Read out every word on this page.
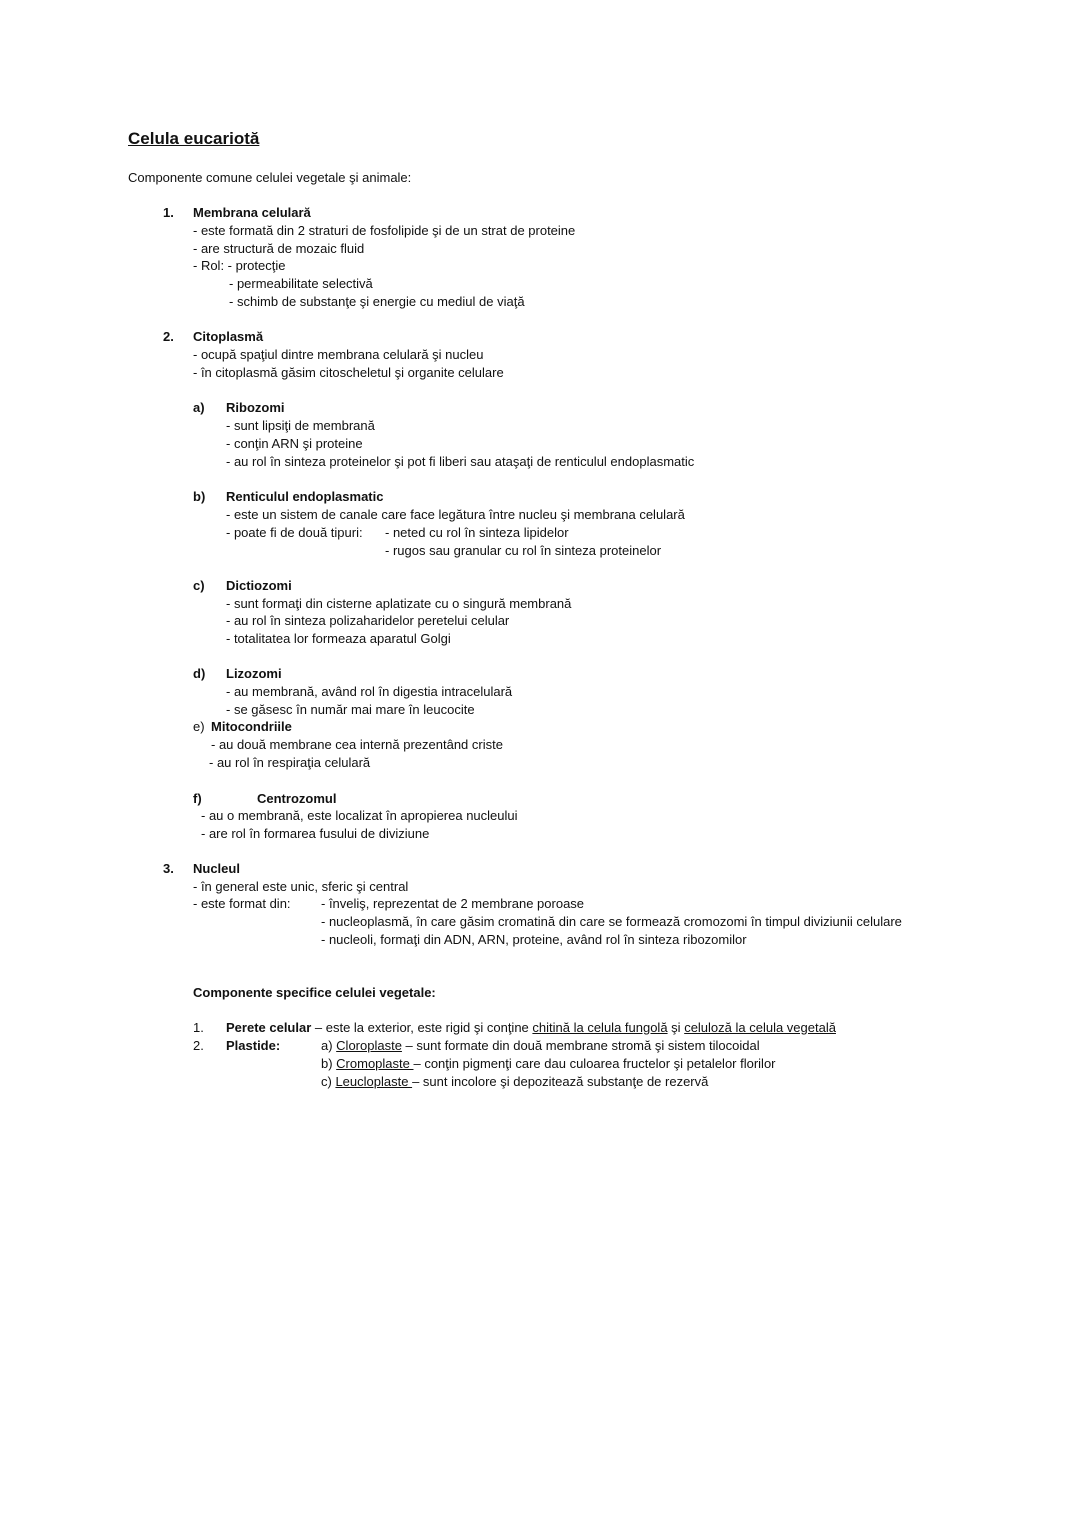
Celula eucariotă
Componente comune celulei vegetale şi animale:
1. Membrana celulară
- este formată din 2 straturi de fosfolipide şi de un strat de proteine
- are structură de mozaic fluid
- Rol: - protecţie
- permeabilitate selectivă
- schimb de substanţe şi energie cu mediul de viaţă
2. Citoplasmă
- ocupă spaţiul dintre membrana celulară şi nucleu
- în citoplasmă găsim citoscheletul şi organite celulare
a) Ribozomi
- sunt lipsiţi de membrană
- conţin ARN şi proteine
- au rol în sinteza proteinelor şi pot fi liberi sau ataşaţi de renticulul endoplasmatic
b) Renticulul endoplasmatic
- este un sistem de canale care face legătura între nucleu şi membrana celulară
- poate fi de două tipuri: - neted cu rol în sinteza lipidelor
- rugos sau granular cu rol în sinteza proteinelor
c) Dictiozomi
- sunt formaţi din cisterne aplatizate cu o singură membrană
- au rol în sinteza polizaharidelor peretelui celular
- totalitatea lor formeaza aparatul Golgi
d) Lizozomi
- au membrană, având rol în digestia intracelulară
- se găsesc în număr mai mare în leucocite
e) Mitocondriile
- au două membrane cea internă prezentând criste
- au rol în respiraţia celulară
f)	Centrozomul
- au o membrană, este localizat în apropierea nucleului
- are rol în formarea fusului de diviziune
3. Nucleul
- în general este unic, sferic şi central
- este format din: - înveliş, reprezentat de 2 membrane poroase
- nucleoplasmă, în care găsim cromatină din care se formează cromozomi în timpul diviziunii celulare
- nucleoli, formaţi din ADN, ARN, proteine, având rol în sinteza ribozomilor
Componente specifice celulei vegetale:
1. Perete celular – este la exterior, este rigid şi conţine chitină la celula fungolă şi celuloză la celula vegetală
2. Plastide:	a) Cloroplaste – sunt formate din două membrane stromă şi sistem tilocoidal
b) Cromoplaste – conţin pigmenţi care dau culoarea fructelor şi petalelor florilor
c) Leucloplaste – sunt incolore şi depozitează substanţe de rezervă
